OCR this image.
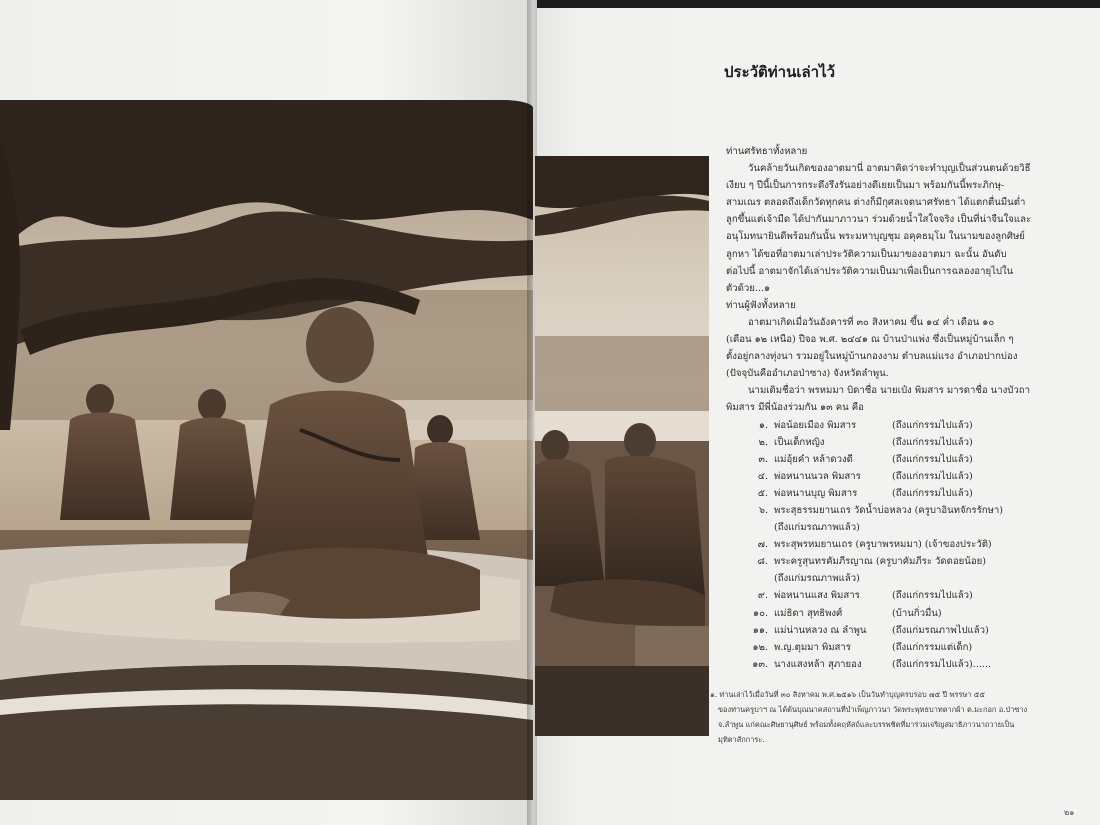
ประวัติท่านเล่าไว้

ท่านศรัทธาทั้งหลาย

วันคล้ายวันเกิดของอาตมานี่ อาตมาคิดว่าจะทำบุญเป็นส่วนตนด้วยวิธี

เงียบ ๆ ปีนี้เป็นการกระดึงรึงรันอย่างดีเยยเป็นมา พร้อมกันนี้พระภิกษุ-

สามเณร ตลอดถึงเด็กวัดทุกคน ต่างก็มีกุศลเจตนาศรัทธา ได้แตกตื่นมืนต่ำ

ลูกขึ้นแต่เจ้ามืด ได้ปากันมาภาวนา ร่วมด้วยน้ำใสใจจริง เป็นที่น่าจืนใจและ

อนุโมทนายินดีพร้อมกันนั้น พระมหาบุญชุม อคุคธมฺโม ในนามของลูกศิษย์

ลูกหา ได้ขอที่อาตมาเล่าประวัติความเป็นมาของอาตมา ฉะนั้น อันดับ

ต่อไปนี้ อาตมาจักได้เล่าประวัติความเป็นมาเพื่อเป็นการฉลองอายุไปใน

ตัวด้วย...๑

ท่านผู้ฟังทั้งหลาย

อาตมาเกิดเมื่อวันอังคารที่ ๓๐ สิงหาคม ขึ้น ๑๔ ค่ำ เดือน ๑๐

(เดือน ๑๒ เหนือ) ปีจอ พ.ศ. ๒๔๔๑ ณ บ้านป่าแพ่ง ซึ่งเป็นหมู่บ้านเล็ก ๆ

ตั้งอยู่กลางทุ่งนา รวมอยู่ในหมู่บ้านกองงาม ตำบลแม่แรง อำเภอปากบ่อง

(ปัจจุบันคืออำเภอป่าซาง) จังหวัดลำพูน.

นามเดิมชื่อว่า พรหมมา บิดาชื่อ นายเป๋ง พิมสาร มารดาชื่อ นางบัวถา

พิมสาร มีพี่น้องร่วมกัน ๑๓ คน คือ

๑. พ่อน้อยเมือง พิมสาร	(ถึงแก่กรรมไปแล้ว)
๒. เป็นเด็กหญิง	(ถึงแก่กรรมไปแล้ว)
๓. แม่อุ้ยคำ หล้าดวงดี	(ถึงแก่กรรมไปแล้ว)
๔. พ่อหนานนวล พิมสาร	(ถึงแก่กรรมไปแล้ว)
๕. พ่อหนานบุญ พิมสาร	(ถึงแก่กรรมไปแล้ว)
๖. พระสุธรรมยานเถร วัดน้ำบ่อหลวง (ครูบาอินทจักรรักษา)
(ถึงแก่มรณภาพแล้ว)
๗. พระสุพรหมยานเถร (ครูบาพรหมมา) (เจ้าของประวัติ)
๘. พระครูสุนทรคัมภีรญาณ (ครูบาคัมภีระ วัดดอยน้อย)
(ถึงแก่มรณภาพแล้ว)
๙. พ่อหนานแสง พิมสาร	(ถึงแก่กรรมไปแล้ว)
๑๐. แม่ธิดา สุทธิพงศ์	(บ้านกิ่วมื่น)
๑๑. แม่น่านหลวง ณ ลำพูน	(ถึงแก่มรณภาพไปแล้ว)
๑๒. พ.ญ.ตุมมา พิมสาร	(ถึงแก่กรรมแต่เด็ก)
๑๓. นางแสงหล้า สุภายอง	(ถึงแก่กรรมไปแล้ว)......

๑. ท่านเล่าไว้เมื่อวันที่ ๓๐ สิงหาคม พ.ศ.๒๕๑๖ เป็นวันทำบุญครบรอบ ๗๕ ปี พรรษา ๕๕

ของท่านครูบาฯ ณ ได้ต้นบุณนาคสถานที่บำเพ็ญภาวนา วัดพระพุทธบาทตากผ้า ต.มะกอก อ.ป่าซาง

จ.ลำพูน แก่คณะศิษยานุศิษย์ พร้อมทั้งคฤหัสถ์และบรรพชิตที่มาร่วมเจริญสมาธิภาวนาถวายเป็น

มุทิตาสักการะ.

๒๑
